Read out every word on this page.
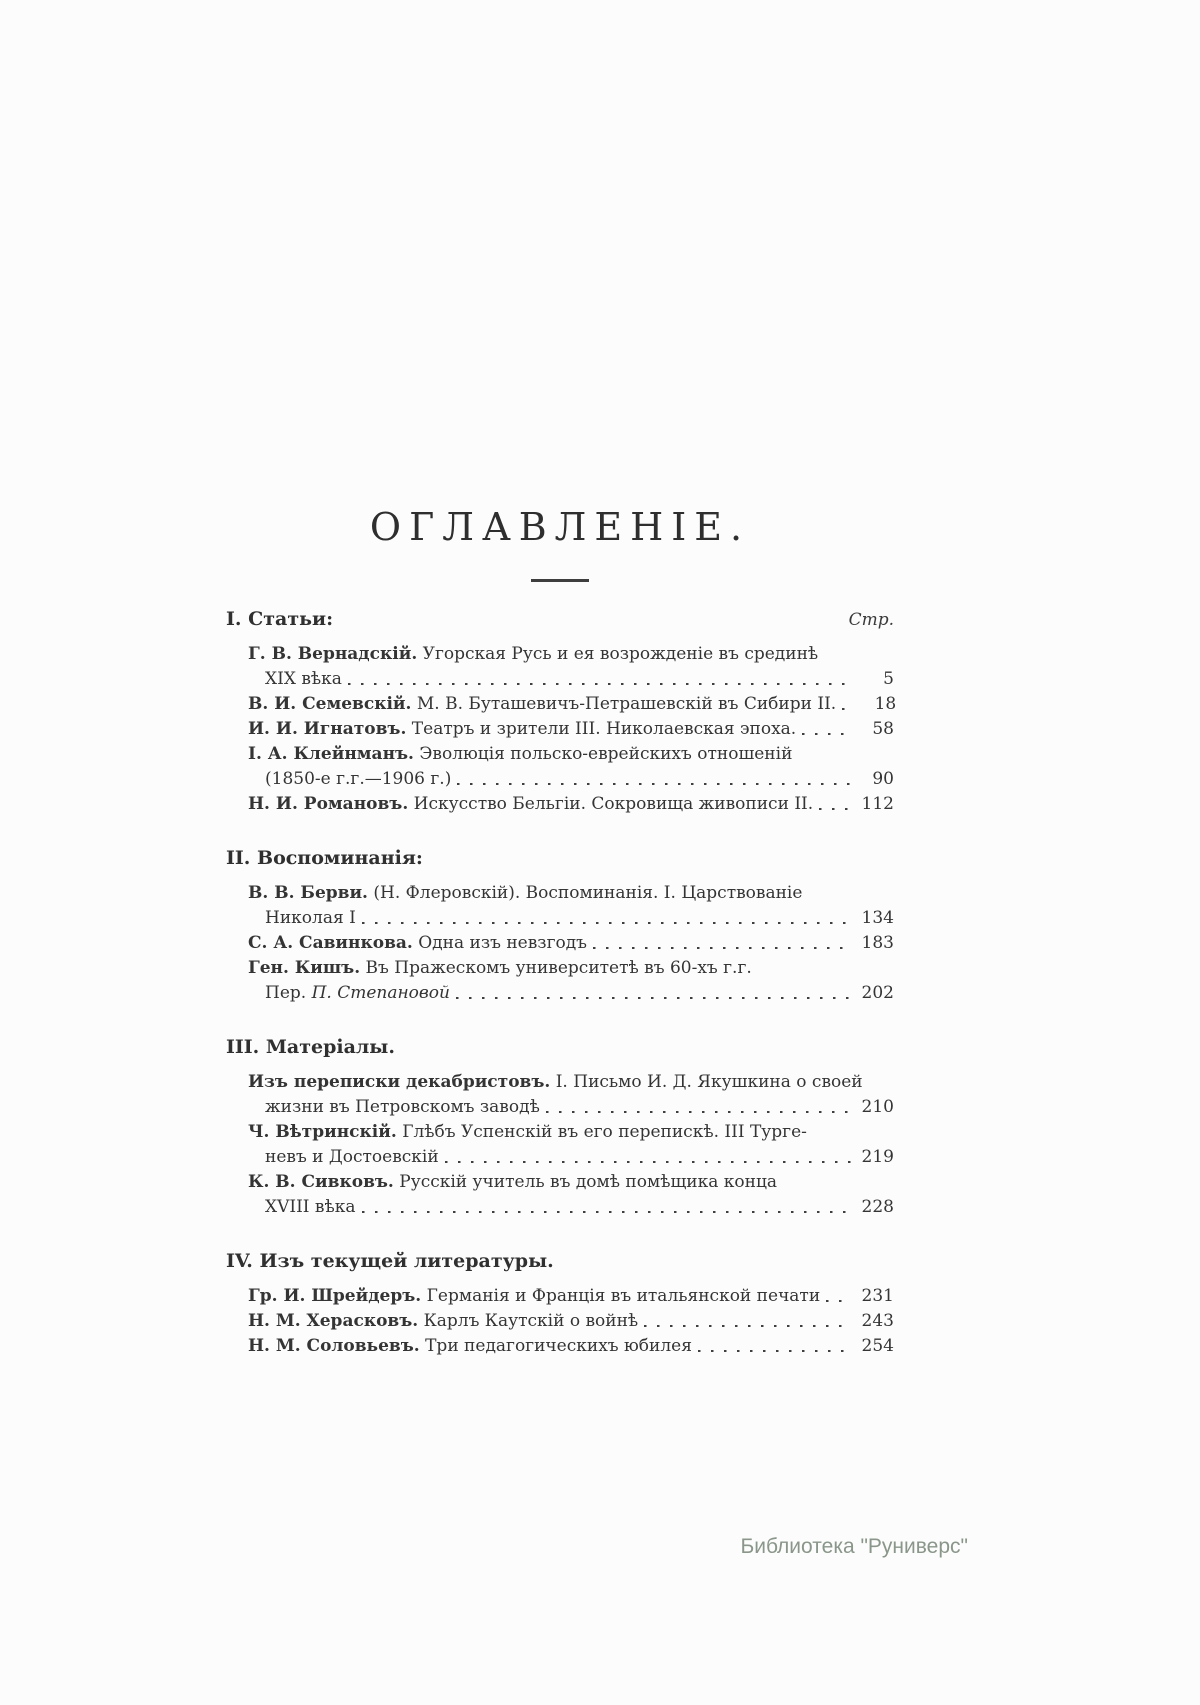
ОГЛАВЛЕНІЕ.
I. Статьи:	Стр.
Г. В. Вернадскій. Угорская Русь и ея возрожденіе въ срединѣ
XIX вѣка	5
В. И. Семевскій. М. В. Буташевичъ-Петрашевскій въ Сибири II.	18
И. И. Игнатовъ. Театръ и зрители III. Николаевская эпоха.	58
I. А. Клейнманъ. Эволюція польско-еврейскихъ отношеній
(1850-е г.г.—1906 г.)	90
Н. И. Романовъ. Искусство Бельгіи. Сокровища живописи II.	112
II. Воспоминанія:
В. В. Берви. (Н. Флеровскій). Воспоминанія. I. Царствованіе
Николая I	134
С. А. Савинкова. Одна изъ невзгодъ	183
Ген. Кишъ. Въ Пражескомъ университетѣ въ 60-хъ г.г.
Пер. П. Степановой	202
III. Матеріалы.
Изъ переписки декабристовъ. I. Письмо И. Д. Якушкина о своей
жизни въ Петровскомъ заводѣ	210
Ч. Вѣтринскій. Глѣбъ Успенскій въ его перепискѣ. III Турге-
невъ и Достоевскій	219
К. В. Сивковъ. Русскій учитель въ домѣ помѣщика конца
XVIII вѣка	228
IV. Изъ текущей литературы.
Гр. И. Шрейдеръ. Германія и Франція въ итальянской печати 231
Н. М. Херасковъ. Карлъ Каутскій о войнѣ	243
Н. М. Соловьевъ. Три педагогическихъ юбилея	254
Библиотека "Руниверс"
